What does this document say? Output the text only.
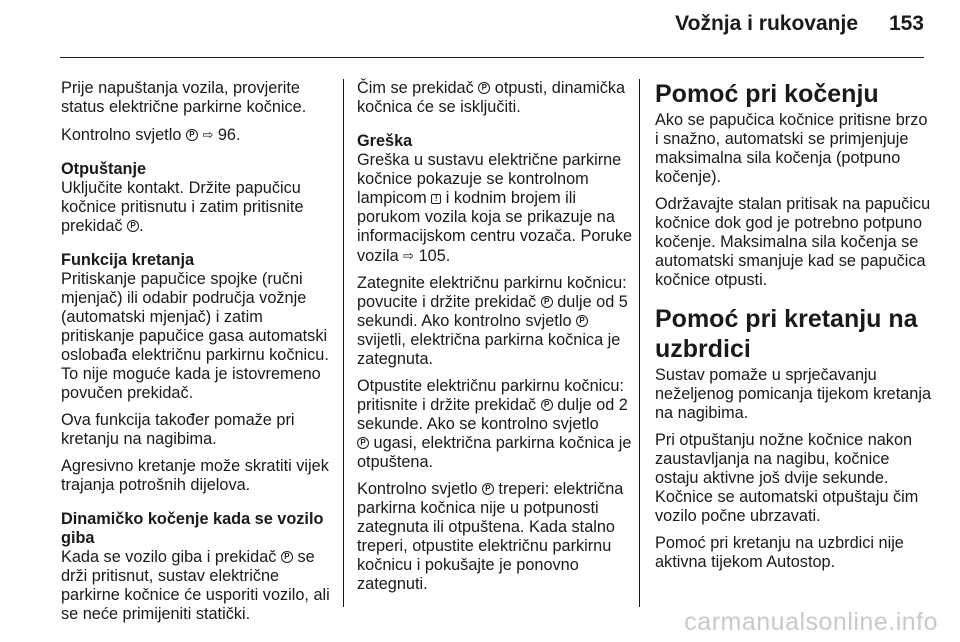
Vožnja i rukovanje 153

Prije napuštanja vozila, provjerite status električne parkirne kočnice.

Kontrolno svjetlo P ⇨ 96.

Otpuštanje

Uključite kontakt. Držite papučicu kočnice pritisnutu i zatim pritisnite prekidač P.

Funkcija kretanja

Pritiskanje papučice spojke (ručni mjenjač) ili odabir područja vožnje (automatski mjenjač) i zatim pritiskanje papučice gasa automatski oslobađa električnu parkirnu kočnicu. To nije moguće kada je istovremeno povučen prekidač.

Ova funkcija također pomaže pri kretanju na nagibima.

Agresivno kretanje može skratiti vijek trajanja potrošnih dijelova.

Dinamičko kočenje kada se vozilo giba

Kada se vozilo giba i prekidač P se drži pritisnut, sustav električne parkirne kočnice će usporiti vozilo, ali se neće primijeniti statički.

Čim se prekidač P otpusti, dinamička kočnica će se isključiti.

Greška

Greška u sustavu električne parkirne kočnice pokazuje se kontrolnom lampicom ! i kodnim brojem ili porukom vozila koja se prikazuje na informacijskom centru vozača. Poruke vozila ⇨ 105.

Zategnite električnu parkirnu kočnicu: povucite i držite prekidač P dulje od 5 sekundi. Ako kontrolno svjetlo P svijetli, električna parkirna kočnica je zategnuta.

Otpustite električnu parkirnu kočnicu: pritisnite i držite prekidač P dulje od 2 sekunde. Ako se kontrolno svjetlo
P ugasi, električna parkirna kočnica je otpuštena.

Kontrolno svjetlo P treperi: električna parkirna kočnica nije u potpunosti zategnuta ili otpuštena. Kada stalno treperi, otpustite električnu parkirnu kočnicu i pokušajte je ponovno zategnuti.

Pomoć pri kočenju

Ako se papučica kočnice pritisne brzo i snažno, automatski se primjenjuje maksimalna sila kočenja (potpuno kočenje).

Održavajte stalan pritisak na papučicu kočnice dok god je potrebno potpuno kočenje. Maksimalna sila kočenja se automatski smanjuje kad se papučica kočnice otpusti.

Pomoć pri kretanju na uzbrdici

Sustav pomaže u sprječavanju neželjenog pomicanja tijekom kretanja na nagibima.

Pri otpuštanju nožne kočnice nakon zaustavljanja na nagibu, kočnice ostaju aktivne još dvije sekunde. Kočnice se automatski otpuštaju čim vozilo počne ubrzavati.

Pomoć pri kretanju na uzbrdici nije aktivna tijekom Autostop.

carmanualsonline.info
